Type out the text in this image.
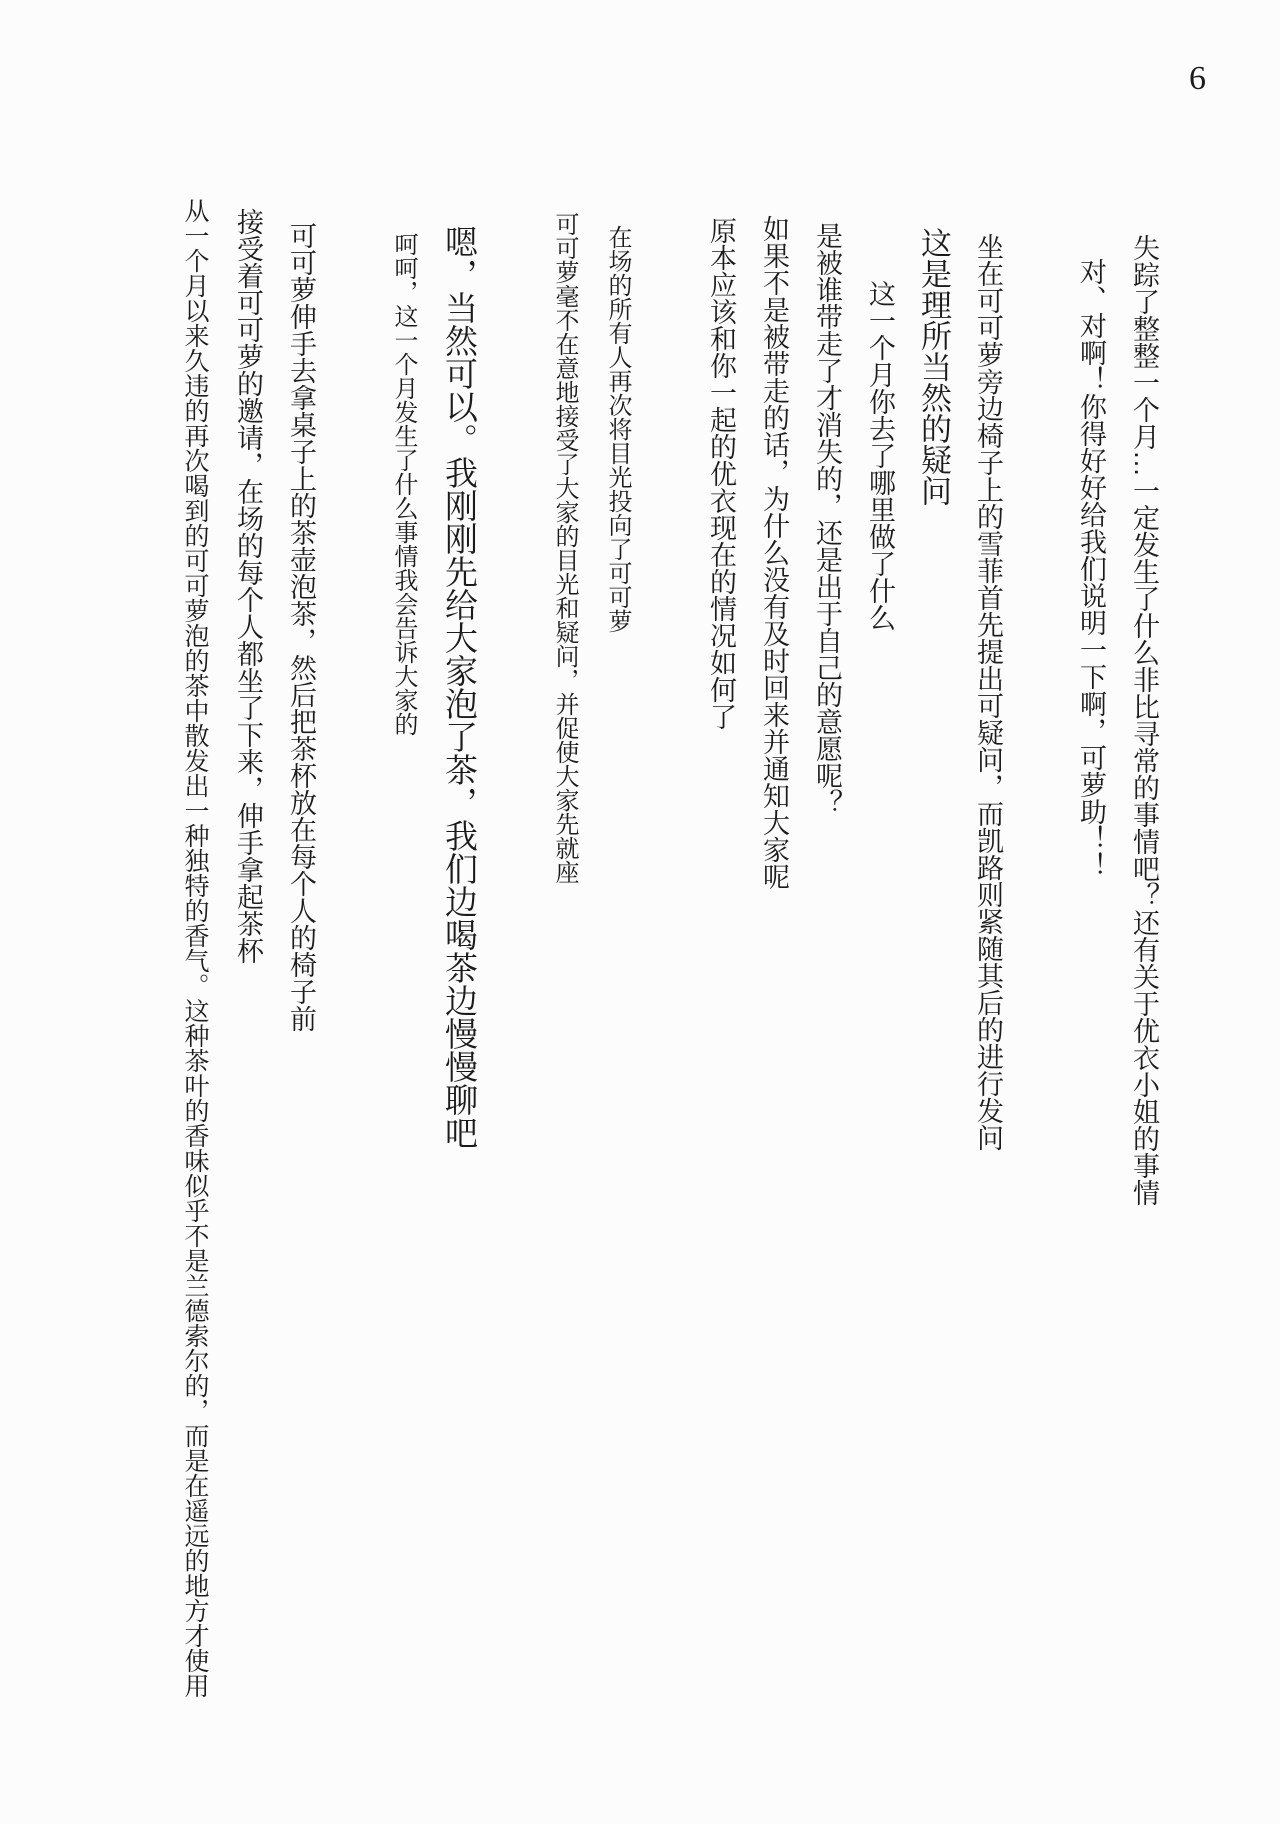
6

失踪了整整一个月…一定发生了什么非比寻常的事情吧？还有关于优衣小姐的事情

对、对啊！你得好好给我们说明一下啊，可萝助！！

坐在可可萝旁边椅子上的雪菲首先提出可疑问，而凯路则紧随其后的进行发问

这是理所当然的疑问

这一个月你去了哪里做了什么

是被谁带走了才消失的，还是出于自己的意愿呢？

如果不是被带走的话，为什么没有及时回来并通知大家呢

原本应该和你一起的优衣现在的情况如何了

在场的所有人再次将目光投向了可可萝

可可萝毫不在意地接受了大家的目光和疑问，并促使大家先就座

嗯，当然可以。我刚刚先给大家泡了茶，我们边喝茶边慢慢聊吧

呵呵，这一个月发生了什么事情我会告诉大家的

可可萝伸手去拿桌子上的茶壶泡茶，然后把茶杯放在每个人的椅子前

接受着可可萝的邀请，在场的每个人都坐了下来，伸手拿起茶杯

从一个月以来久违的再次喝到的可可萝泡的茶中散发出一种独特的香气。这种茶叶的香味似乎不是兰德索尔的，而是在遥远的地方才使用
